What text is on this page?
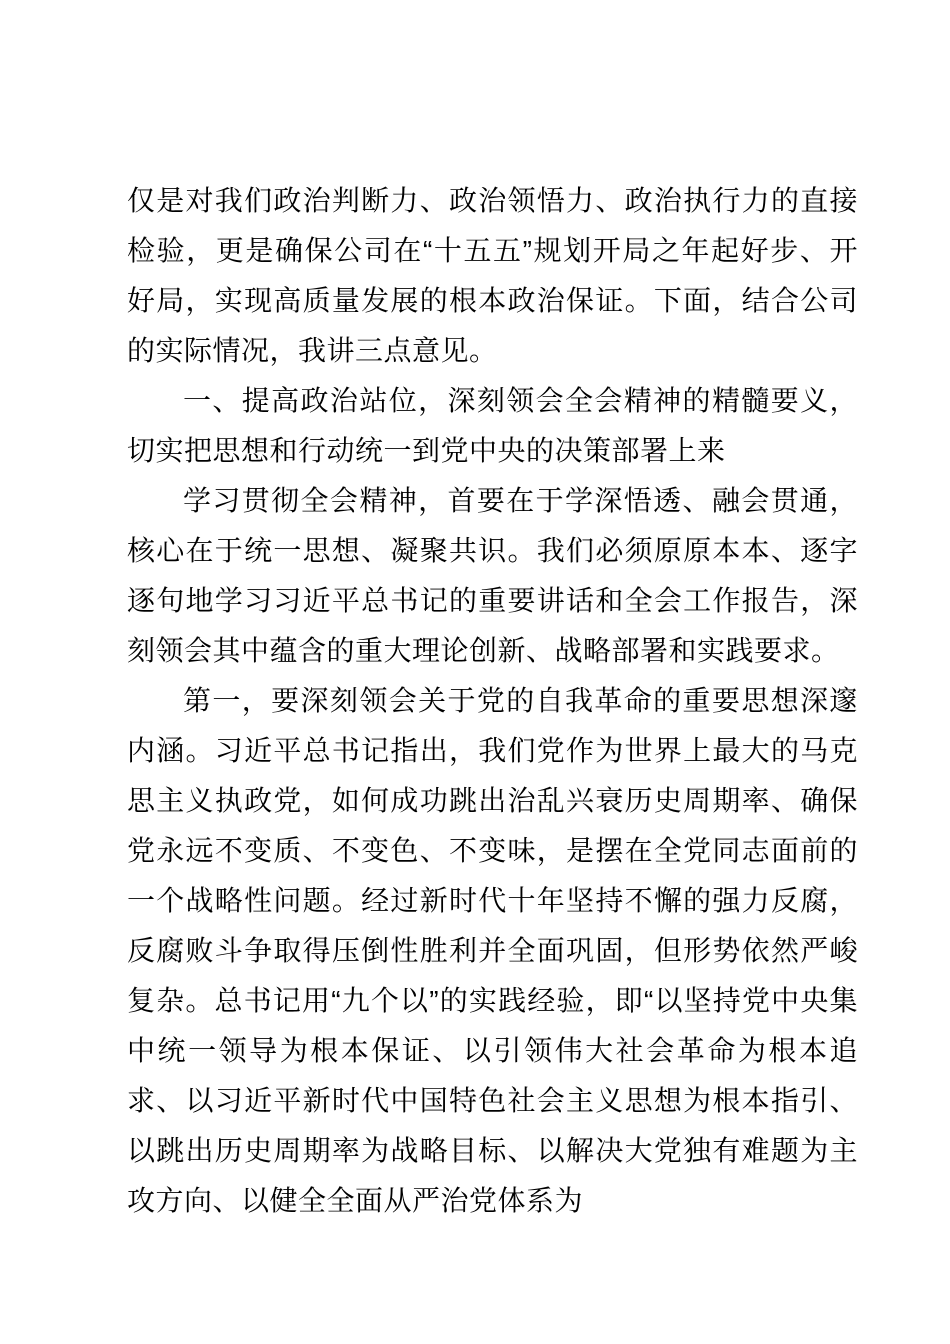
仅是对我们政治判断力、政治领悟力、政治执行力的直接检验，更是确保公司在“十五五”规划开局之年起好步、开好局，实现高质量发展的根本政治保证。下面，结合公司的实际情况，我讲三点意见。

一、提高政治站位，深刻领会全会精神的精髓要义，切实把思想和行动统一到党中央的决策部署上来

学习贯彻全会精神，首要在于学深悟透、融会贯通，核心在于统一思想、凝聚共识。我们必须原原本本、逐字逐句地学习习近平总书记的重要讲话和全会工作报告，深刻领会其中蕴含的重大理论创新、战略部署和实践要求。

第一，要深刻领会关于党的自我革命的重要思想深邃内涵。习近平总书记指出，我们党作为世界上最大的马克思主义执政党，如何成功跳出治乱兴衰历史周期率、确保党永远不变质、不变色、不变味，是摆在全党同志面前的一个战略性问题。经过新时代十年坚持不懈的强力反腐，反腐败斗争取得压倒性胜利并全面巩固，但形势依然严峻复杂。总书记用“九个以”的实践经验，即“以坚持党中央集中统一领导为根本保证、以引领伟大社会革命为根本追求、以习近平新时代中国特色社会主义思想为根本指引、以跳出历史周期率为战略目标、以解决大党独有难题为主攻方向、以健全全面从严治党体系为
